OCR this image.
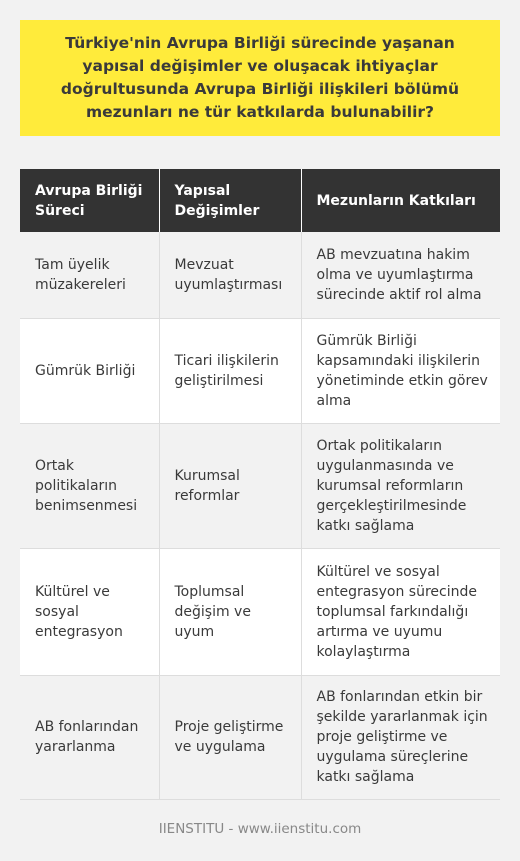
Türkiye'nin Avrupa Birliği sürecinde yaşanan yapısal değişimler ve oluşacak ihtiyaçlar doğrultusunda Avrupa Birliği ilişkileri bölümü mezunları ne tür katkılarda bulunabilir?

Avrupa Birliği Süreci	Yapısal Değişimler	Mezunların Katkıları
Tam üyelik müzakereleri	Mevzuat uyumlaştırması	AB mevzuatına hakim olma ve uyumlaştırma sürecinde aktif rol alma
Gümrük Birliği	Ticari ilişkilerin geliştirilmesi	Gümrük Birliği kapsamındaki ilişkilerin yönetiminde etkin görev alma
Ortak politikaların benimsenmesi	Kurumsal reformlar	Ortak politikaların uygulanmasında ve kurumsal reformların gerçekleştirilmesinde katkı sağlama
Kültürel ve sosyal entegrasyon	Toplumsal değişim ve uyum	Kültürel ve sosyal entegrasyon sürecinde toplumsal farkındalığı artırma ve uyumu kolaylaştırma
AB fonlarından yararlanma	Proje geliştirme ve uygulama	AB fonlarından etkin bir şekilde yararlanmak için proje geliştirme ve uygulama süreçlerine katkı sağlama
IIENSTITU - www.iienstitu.com
